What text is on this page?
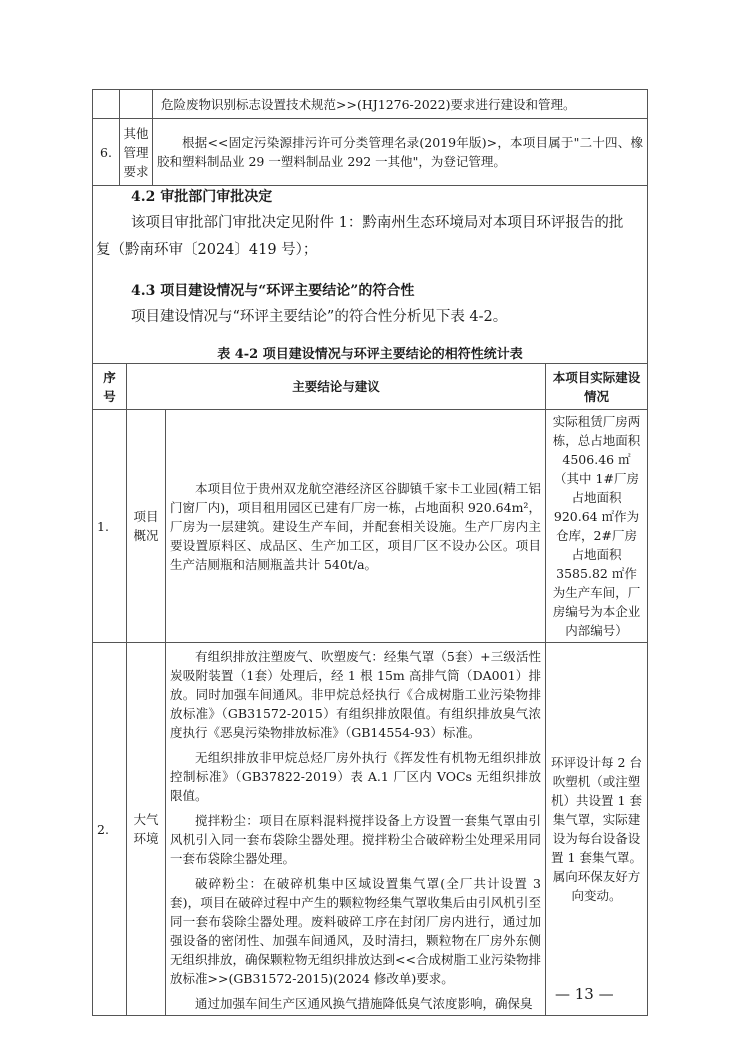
		危险废物识别标志设置技术规范>>(HJ1276-2022)要求进行建设和管理。
6.	其他管理要求	根据<<固定污染源排污许可分类管理名录(2019年版)>，本项目属于"二十四、橡胶和塑料制品业 29 一塑料制品业 292 一其他"，为登记管理。

4.2 审批部门审批决定
该项目审批部门审批决定见附件 1：黔南州生态环境局对本项目环评报告的批
复（黔南环审〔2024〕419 号）；
4.3 项目建设情况与“环评主要结论”的符合性
项目建设情况与“环评主要结论”的符合性分析见下表 4-2。
表 4-2 项目建设情况与环评主要结论的相符性统计表
序号	主要结论与建议		本项目实际建设情况
1.	项目概况	本项目位于贵州双龙航空港经济区谷脚镇千家卡工业园(精工铝门窗厂内)，项目租用园区已建有厂房一栋，占地面积 920.64m²，厂房为一层建筑。建设生产车间，并配套相关设施。生产厂房内主要设置原料区、成品区、生产加工区，项目厂区不设办公区。项目生产洁厕瓶和洁厕瓶盖共计 540t/a。	实际租赁厂房两栋，总占地面积 4506.46 ㎡（其中 1#厂房占地面积 920.64 ㎡作为仓库，2#厂房占地面积 3585.82 ㎡作为生产车间，厂房编号为本企业内部编号）
2.	大气环境	有组织排放注塑废气、吹塑废气：经集气罩（5套）+三级活性炭吸附装置（1套）处理后，经 1 根 15m 高排气筒（DA001）排放。同时加强车间通风。非甲烷总烃执行《合成树脂工业污染物排放标准》（GB31572-2015）有组织排放限值。有组织排放臭气浓度执行《恶臭污染物排放标准》（GB14554-93）标准。

无组织排放非甲烷总烃厂房外执行《挥发性有机物无组织排放控制标准》（GB37822-2019）表 A.1 厂区内 VOCs 无组织排放限值。

搅拌粉尘：项目在原料混料搅拌设备上方设置一套集气罩由引风机引入同一套布袋除尘器处理。搅拌粉尘合破碎粉尘处理采用同一套布袋除尘器处理。

破碎粉尘：在破碎机集中区域设置集气罩(全厂共计设置 3 套)，项目在破碎过程中产生的颗粒物经集气罩收集后由引风机引至同一套布袋除尘器处理。废料破碎工序在封闭厂房内进行，通过加强设备的密闭性、加强车间通风，及时清扫，颗粒物在厂房外东侧无组织排放，确保颗粒物无组织排放达到<<合成树脂工业污染物排放标准>>(GB31572-2015)(2024 修改单)要求。

通过加强车间生产区通风换气措施降低臭气浓度影响，确保臭	环评设计每 2 台吹塑机（或注塑机）共设置 1 套集气罩，实际建设为每台设备设置 1 套集气罩。属向环保友好方向变动。
— 13 —
